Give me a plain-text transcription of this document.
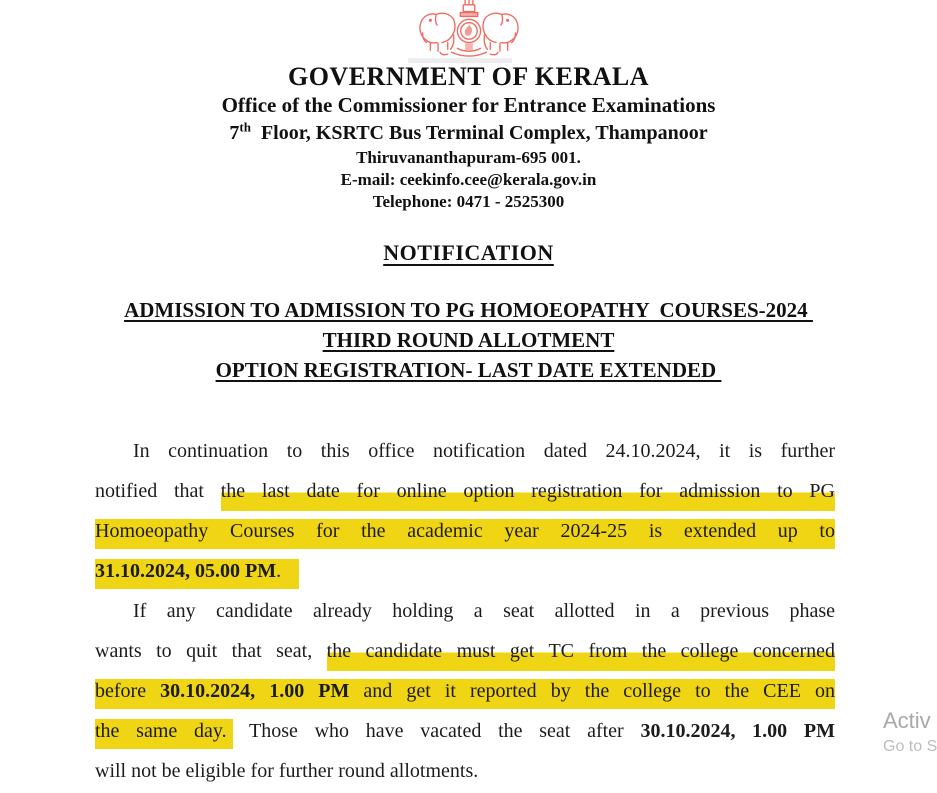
GOVERNMENT OF KERALA
Office of the Commissioner for Entrance Examinations
7th  Floor, KSRTC Bus Terminal Complex, Thampanoor
Thiruvananthapuram-695 001.
E-mail: ceekinfo.cee@kerala.gov.in
Telephone: 0471 - 2525300
NOTIFICATION
ADMISSION TO ADMISSION TO PG HOMOEOPATHY  COURSES-2024
THIRD ROUND ALLOTMENT
OPTION REGISTRATION- LAST DATE EXTENDED
In continuation to this office notification dated 24.10.2024, it is further
notified that the last date for online option registration for admission to PG
Homoeopathy Courses for the academic year 2024-25 is extended up to
31.10.2024, 05.00 PM.
If any candidate already holding a seat allotted in a previous phase
wants to quit that seat, the candidate must get TC from the college concerned
before 30.10.2024, 1.00 PM and get it reported by the college to the CEE on
the same day. Those who have vacated the seat after 30.10.2024, 1.00 PM
will not be eligible for further round allotments.
Activ
Go to S
